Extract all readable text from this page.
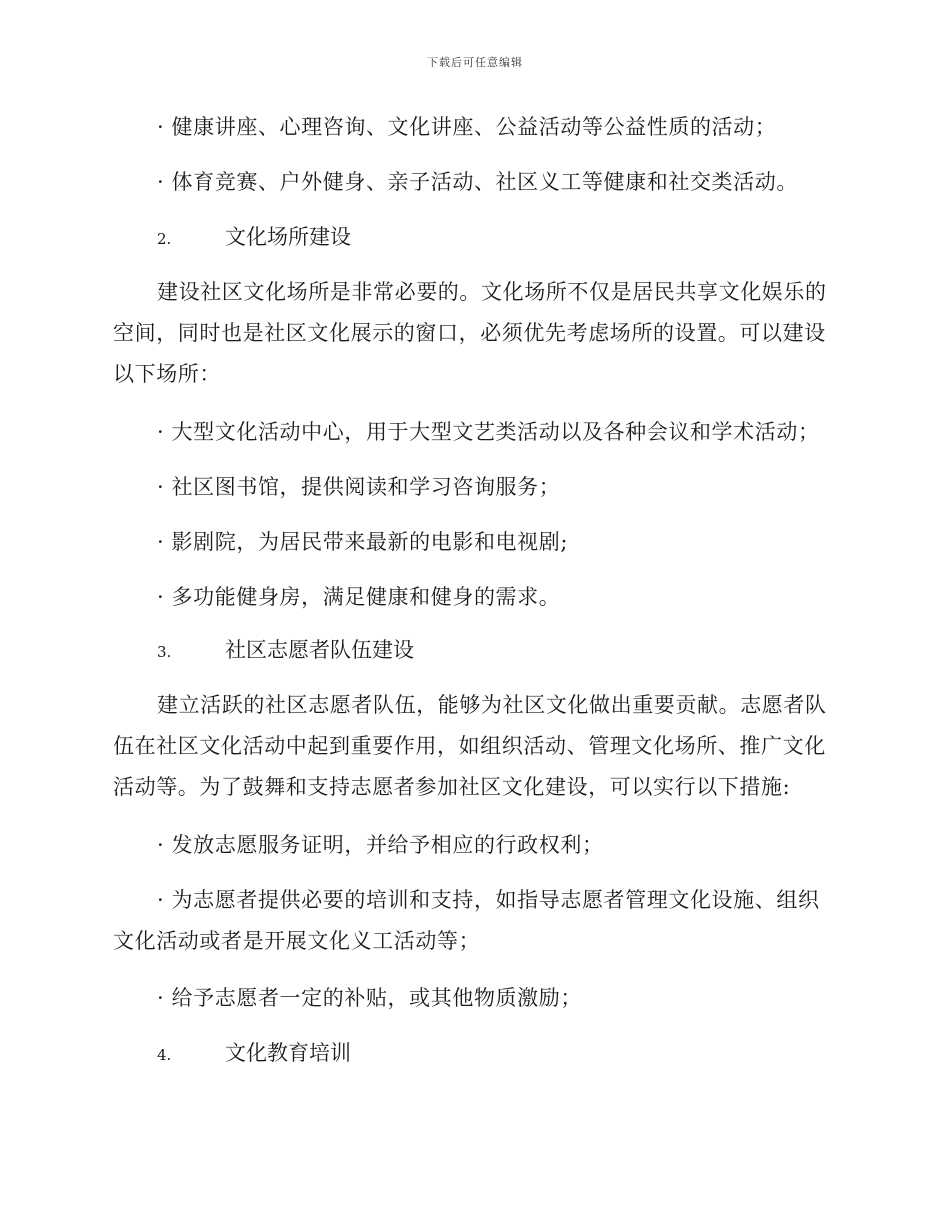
下载后可任意编辑
· 健康讲座、心理咨询、文化讲座、公益活动等公益性质的活动；
· 体育竞赛、户外健身、亲子活动、社区义工等健康和社交类活动。
2.	文化场所建设
建设社区文化场所是非常必要的。文化场所不仅是居民共享文化娱乐的
空间，同时也是社区文化展示的窗口，必须优先考虑场所的设置。可以建设
以下场所：
· 大型文化活动中心，用于大型文艺类活动以及各种会议和学术活动；
· 社区图书馆，提供阅读和学习咨询服务；
· 影剧院，为居民带来最新的电影和电视剧;
· 多功能健身房，满足健康和健身的需求。
3.	社区志愿者队伍建设
建立活跃的社区志愿者队伍，能够为社区文化做出重要贡献。志愿者队
伍在社区文化活动中起到重要作用，如组织活动、管理文化场所、推广文化
活动等。为了鼓舞和支持志愿者参加社区文化建设，可以实行以下措施:
· 发放志愿服务证明，并给予相应的行政权利；
· 为志愿者提供必要的培训和支持，如指导志愿者管理文化设施、组织
文化活动或者是开展文化义工活动等；
· 给予志愿者一定的补贴，或其他物质激励；
4.	文化教育培训
